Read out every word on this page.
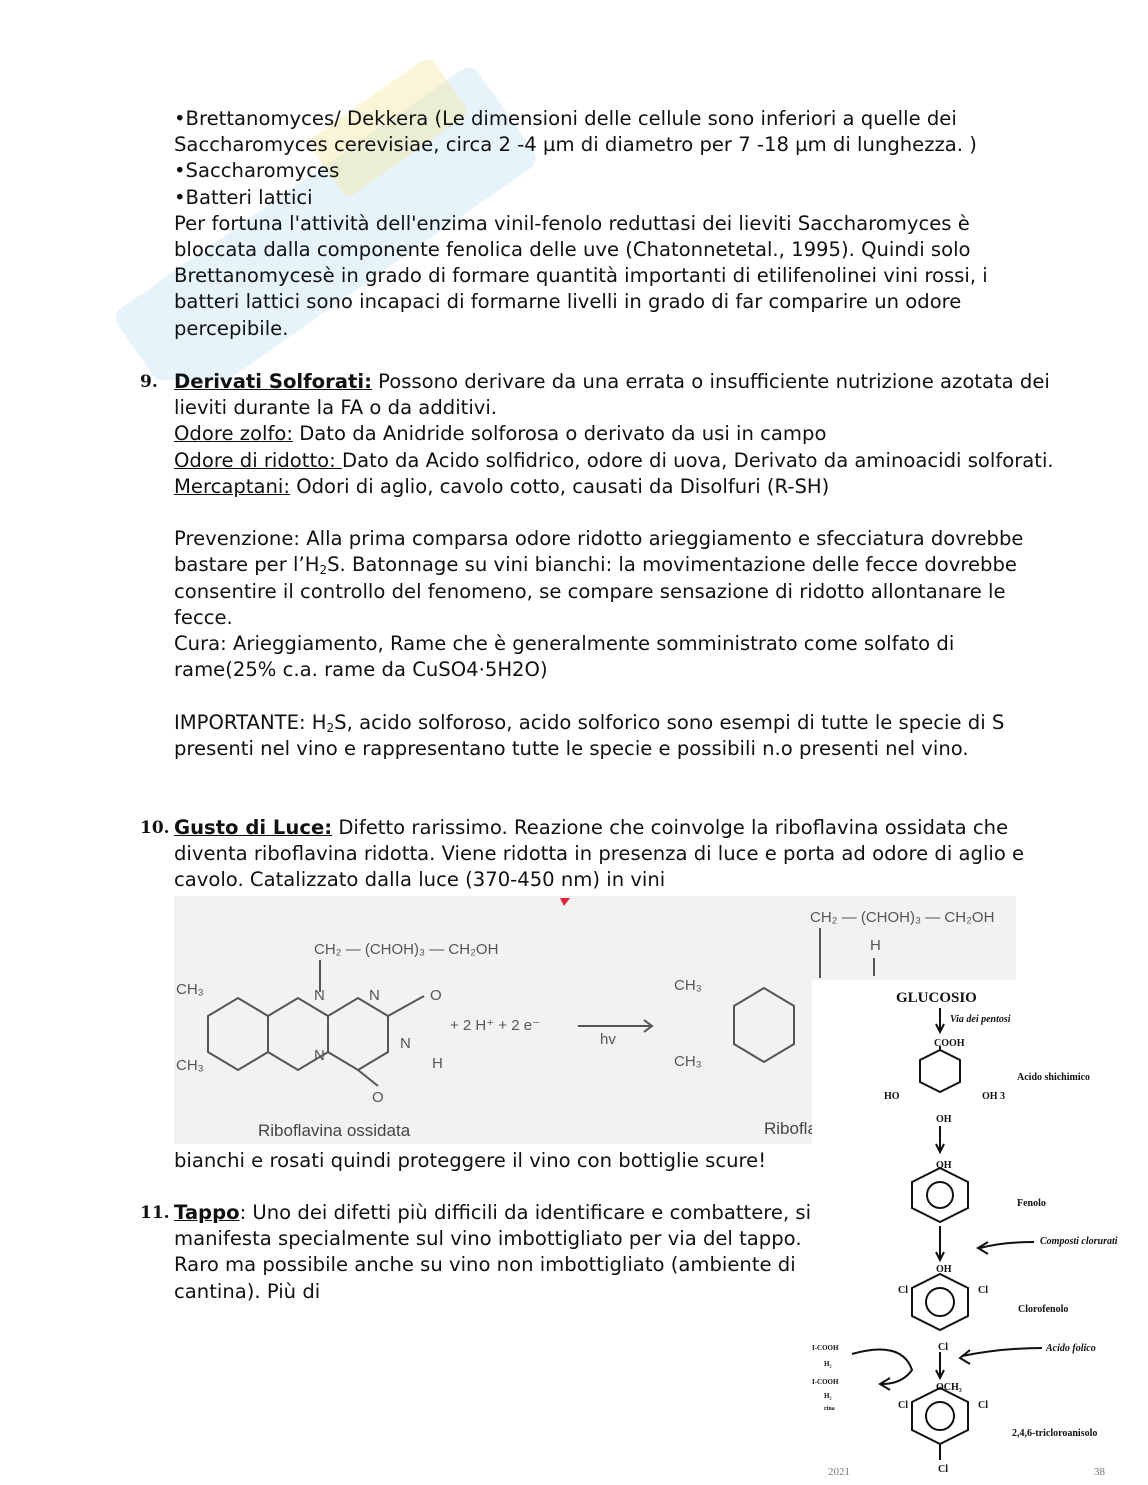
•Brettanomyces/ Dekkera (Le dimensioni delle cellule sono inferiori a quelle dei Saccharomyces cerevisiae, circa 2 -4 µm di diametro per 7 -18 µm di lunghezza. )

•Saccharomyces

•Batteri lattici

Per fortuna l'attività dell'enzima vinil-fenolo reduttasi dei lieviti Saccharomyces è bloccata dalla componente fenolica delle uve (Chatonnetetal., 1995). Quindi solo Brettanomycesè in grado di formare quantità importanti di etilifenolinei vini rossi, i batteri lattici sono incapaci di formarne livelli in grado di far comparire un odore percepibile.

9. Derivati Solforati: Possono derivare da una errata o insufficiente nutrizione azotata dei lieviti durante la FA o da additivi.

Odore zolfo: Dato da Anidride solforosa o derivato da usi in campo

Odore di ridotto: Dato da Acido solfidrico, odore di uova, Derivato da aminoacidi solforati.

Mercaptani: Odori di aglio, cavolo cotto, causati da Disolfuri (R-SH)

Prevenzione: Alla prima comparsa odore ridotto arieggiamento e sfecciatura dovrebbe bastare per $l’H_2S$. Batonnage su vini bianchi: la movimentazione delle fecce dovrebbe consentire il controllo del fenomeno, se compare sensazione di ridotto allontanare le fecce.

Cura: Arieggiamento, Rame che è generalmente somministrato come solfato di rame(25% c.a. rame da CuSO4·5H2O)

IMPORTANTE: $H_2S$, acido solforoso, acido solforico sono esempi di tutte le specie di S presenti nel vino e rappresentano tutte le specie e possibili n.o presenti nel vino.

10. Gusto di Luce: Difetto rarissimo. Reazione che coinvolge la riboflavina ossidata che diventa riboflavina ridotta. Viene ridotta in presenza di luce e porta ad odore di aglio e cavolo. Catalizzato dalla luce (370-450 nm) in vini

CH₂ — (CHOH)₃ — CH₂OH
CH₂ — (CHOH)₃ — CH₂OH
CH₃
CH₃
CH₃
CH₃
N	N
N
N
N
N
O
O
H
H
H
+ 2 H⁺ + 2 e⁻
hv
Riboflavina ossidata	Ribofla

bianchi e rosati quindi proteggere il vino con bottiglie scure!

11. Tappo: Uno dei difetti più difficili da identificare e combattere, si manifesta specialmente sul vino imbottigliato per via del tappo. Raro ma possibile anche su vino non imbottigliato (ambiente di cantina). Più di

GLUCOSIO
Via dei pentosi
COOH
Acido shichimico
HO	OH 3
OH
OH
Fenolo
Composti clorurati
OH
Cl	Cl
Clorofenolo
Acido folico
Cl
OCH₃
Cl	Cl
2,4,6-tricloroanisolo
Cl
I-COOH
H₂
I-COOH
H₂
rina
2021	38
